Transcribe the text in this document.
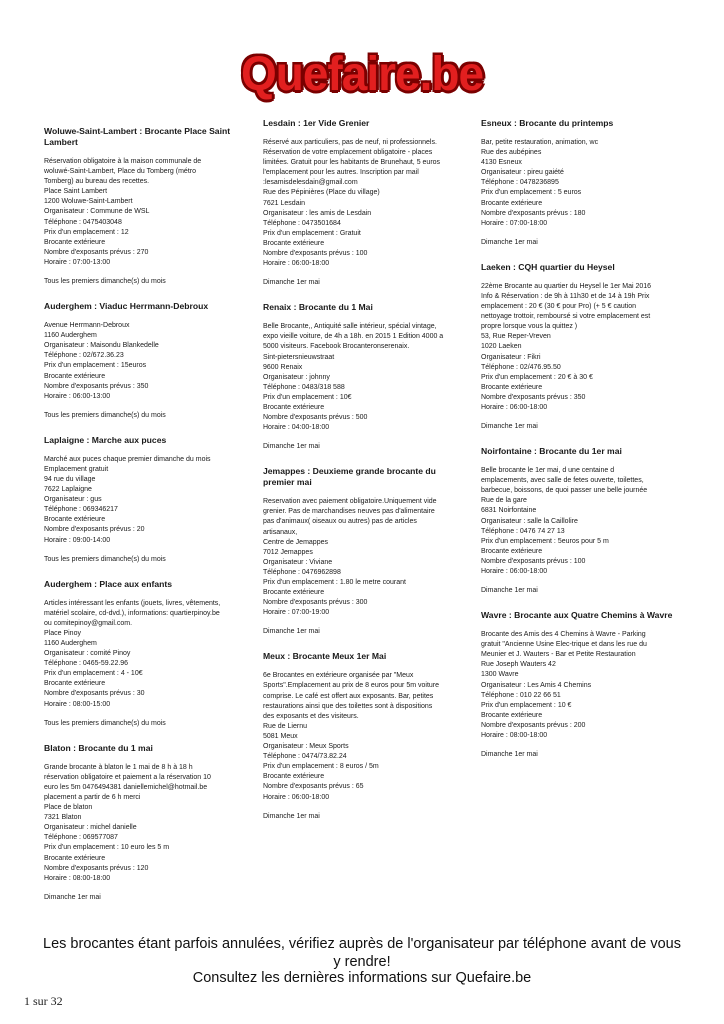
Quefaire.be
Woluwe-Saint-Lambert : Brocante Place Saint Lambert
Réservation obligatoire à la maison communale de
woluwé-Saint-Lambert, Place du Tomberg (métro
Tomberg) au bureau des recettes.
Place Saint Lambert
1200 Woluwe-Saint-Lambert
Organisateur : Commune de WSL
Téléphone : 0475403048
Prix d'un emplacement : 12
Brocante extérieure
Nombre d'exposants prévus : 270
Horaire : 07:00-13:00
Tous les premiers dimanche(s) du mois
Auderghem : Viaduc Herrmann-Debroux
Avenue Herrmann-Debroux
1160 Auderghem
Organisateur : Maisondu Blankedelle
Téléphone : 02/672.36.23
Prix d'un emplacement : 15euros
Brocante extérieure
Nombre d'exposants prévus : 350
Horaire : 06:00-13:00
Tous les premiers dimanche(s) du mois
Laplaigne : Marche aux puces
Marché aux puces chaque premier dimanche du mois
Emplacement gratuit
94 rue du village
7622 Laplaigne
Organisateur : gus
Téléphone : 069346217
Brocante extérieure
Nombre d'exposants prévus : 20
Horaire : 09:00-14:00
Tous les premiers dimanche(s) du mois
Auderghem : Place aux enfants
Articles intéressant les enfants (jouets, livres, vêtements,
matériel scolaire, cd-dvd.), informations: quartierpinoy.be
ou comitepinoy@gmail.com.
Place Pinoy
1160 Auderghem
Organisateur : comité Pinoy
Téléphone : 0465-59.22.96
Prix d'un emplacement : 4 - 10€
Brocante extérieure
Nombre d'exposants prévus : 30
Horaire : 08:00-15:00
Tous les premiers dimanche(s) du mois
Blaton : Brocante du 1 mai
Grande brocante à blaton le 1 mai de 8 h à 18 h
réservation obligatoire et paiement a la réservation 10
euro les 5m 0476494381 daniellemichel@hotmail.be
placement a partir de 6 h merci
Place de blaton
7321 Blaton
Organisateur : michel danielle
Téléphone : 069577087
Prix d'un emplacement : 10 euro les 5 m
Brocante extérieure
Nombre d'exposants prévus : 120
Horaire : 08:00-18:00
Dimanche 1er mai
Lesdain : 1er Vide Grenier
Réservé aux particuliers, pas de neuf, ni professionnels.
Réservation de votre emplacement obligatoire - places
limitées. Gratuit pour les habitants de Brunehaut, 5 euros
l'emplacement pour les autres. Inscription par mail
:lesamisdelesdain@gmail.com
Rue des Pépinières (Place du village)
7621 Lesdain
Organisateur : les amis de Lesdain
Téléphone : 0473501684
Prix d'un emplacement : Gratuit
Brocante extérieure
Nombre d'exposants prévus : 100
Horaire : 06:00-18:00
Dimanche 1er mai
Renaix : Brocante du 1 Mai
Belle Brocante,, Antiquité salle intérieur, spécial vintage,
expo vieille voiture, de 4h a 18h. en 2015 1 Edition 4000 a
5000 visiteurs. Facebook Brocanteronserenaix.
Sint-pietersnieuwstraat
9600 Renaix
Organisateur : johnny
Téléphone : 0483/318 588
Prix d'un emplacement : 10€
Brocante extérieure
Nombre d'exposants prévus : 500
Horaire : 04:00-18:00
Dimanche 1er mai
Jemappes : Deuxieme grande brocante du premier mai
Reservation avec paiement obligatoire.Uniquement vide
grenier. Pas de marchandises neuves pas d'alimentaire
pas d'animaux( oiseaux ou autres) pas de articles
artisanaux,
Centre de Jemappes
7012 Jemappes
Organisateur : Viviane
Téléphone : 0476962898
Prix d'un emplacement : 1.80 le metre courant
Brocante extérieure
Nombre d'exposants prévus : 300
Horaire : 07:00-19:00
Dimanche 1er mai
Meux : Brocante Meux 1er Mai
6e Brocantes en extérieure organisée par "Meux
Sports".Emplacement au prix de 8 euros pour 5m voiture
comprise. Le café est offert aux exposants. Bar, petites
restaurations ainsi que des toilettes sont à dispositions
des exposants et des visiteurs.
Rue de Liernu
5081 Meux
Organisateur : Meux Sports
Téléphone : 0474/73.82.24
Prix d'un emplacement : 8 euros / 5m
Brocante extérieure
Nombre d'exposants prévus : 65
Horaire : 06:00-18:00
Dimanche 1er mai
Esneux : Brocante du printemps
Bar, petite restauration, animation, wc
Rue des aubépines
4130 Esneux
Organisateur : pireu gaiété
Téléphone : 0478236895
Prix d'un emplacement : 5 euros
Brocante extérieure
Nombre d'exposants prévus : 180
Horaire : 07:00-18:00
Dimanche 1er mai
Laeken : CQH quartier du Heysel
22ème Brocante au quartier du Heysel le 1er Mai 2016
Info & Réservation : de 9h à 11h30 et de 14 à 19h Prix
emplacement : 20 € (30 € pour Pro) (+ 5 € caution
nettoyage trottoir, remboursé si votre emplacement est
propre lorsque vous la quittez )
53, Rue Reper-Vreven
1020 Laeken
Organisateur : Fikri
Téléphone : 02/476.95.50
Prix d'un emplacement : 20 € à 30 €
Brocante extérieure
Nombre d'exposants prévus : 350
Horaire : 06:00-18:00
Dimanche 1er mai
Noirfontaine : Brocante du 1er mai
Belle brocante le 1er mai, d une centaine d
emplacements, avec salle de fetes ouverte, toilettes,
barbecue, boissons, de quoi passer une belle journée
Rue de la gare
6831 Noirfontaine
Organisateur : salle la Caillolire
Téléphone : 0476 74 27 13
Prix d'un emplacement : 5euros pour 5 m
Brocante extérieure
Nombre d'exposants prévus : 100
Horaire : 06:00-18:00
Dimanche 1er mai
Wavre : Brocante aux Quatre Chemins à Wavre
Brocante des Amis des 4 Chemins à Wavre - Parking
gratuit "Ancienne Usine Elec-trique et dans les rue du
Meunier et J. Wauters - Bar et Petite Restauration
Rue Joseph Wauters 42
1300 Wavre
Organisateur : Les Amis 4 Chemins
Téléphone : 010 22 66 51
Prix d'un emplacement : 10 €
Brocante extérieure
Nombre d'exposants prévus : 200
Horaire : 08:00-18:00
Dimanche 1er mai
Les brocantes étant parfois annulées, vérifiez auprès de l'organisateur par téléphone avant de vous y rendre!
Consultez les dernières informations sur Quefaire.be
1 sur 32
